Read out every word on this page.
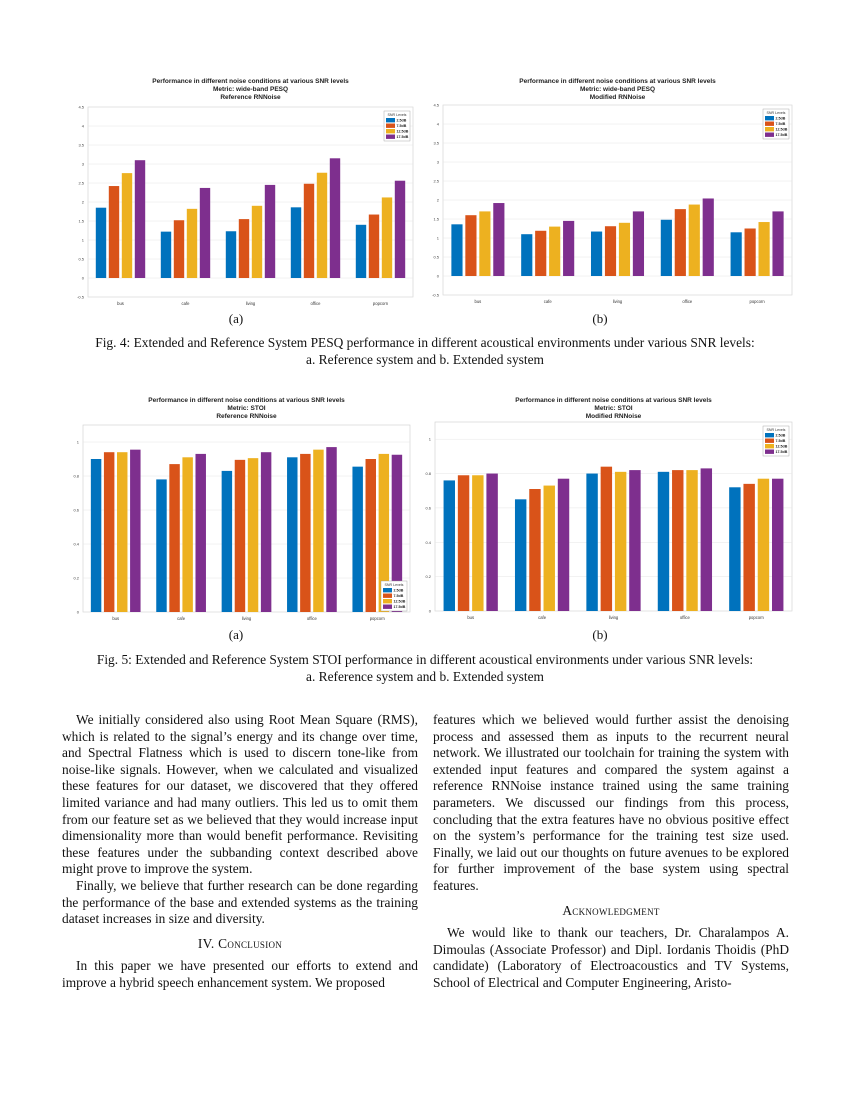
Performance in different noise conditions at various SNR levels
Metric: wide-band PESQ
Reference RNNoise
-0.5
0
0.5
1
1.5
2
2.5
3
3.5
4
4.5
bus	cafe	living	office	popcorn
SNR Levels
2.5dB
7.5dB
12.5dB
17.5dB
Performance in different noise conditions at various SNR levels
Metric: wide-band PESQ
Modified RNNoise
-0.5
0
0.5
1
1.5
2
2.5
3
3.5
4
4.5
bus	cafe	living	office	popcorn
SNR Levels
2.5dB
7.5dB
12.5dB
17.5dB
Performance in different noise conditions at various SNR levels
Metric: STOI
Reference RNNoise
0
0.2
0.4
0.6
0.8
1
bus	cafe	living	office	popcorn
SNR Levels
2.5dB
7.5dB
12.5dB
17.5dB
Performance in different noise conditions at various SNR levels
Metric: STOI
Modified RNNoise
0
0.2
0.4
0.6
0.8
1
bus	cafe	living	office	popcorn
SNR Levels
2.5dB
7.5dB
12.5dB
17.5dB
(a)	(b)
Fig. 4: Extended and Reference System PESQ performance in different acoustical environments under various SNR levels:
a. Reference system and b. Extended system
(a)	(b)
Fig. 5: Extended and Reference System STOI performance in different acoustical environments under various SNR levels:
a. Reference system and b. Extended system

We initially considered also using Root Mean Square (RMS), which is related to the signal’s energy and its change over time, and Spectral Flatness which is used to discern tone-like from noise-like signals. However, when we calculated and visualized these features for our dataset, we discovered that they offered limited variance and had many outliers. This led us to omit them from our feature set as we believed that they would increase input dimensionality more than would benefit performance. Revisiting these features under the subbanding context described above might prove to improve the system.

Finally, we believe that further research can be done regarding the performance of the base and extended systems as the training dataset increases in size and diversity.

IV. Conclusion

In this paper we have presented our efforts to extend and improve a hybrid speech enhancement system. We proposed

features which we believed would further assist the denoising process and assessed them as inputs to the recurrent neural network. We illustrated our toolchain for training the system with extended input features and compared the system against a reference RNNoise instance trained using the same training parameters. We discussed our findings from this process, concluding that the extra features have no obvious positive effect on the system’s performance for the training test size used. Finally, we laid out our thoughts on future avenues to be explored for further improvement of the base system using spectral features.

Acknowledgment

We would like to thank our teachers, Dr. Charalampos A. Dimoulas (Associate Professor) and Dipl. Iordanis Thoidis (PhD candidate) (Laboratory of Electroacoustics and TV Systems, School of Electrical and Computer Engineering, Aristo-
